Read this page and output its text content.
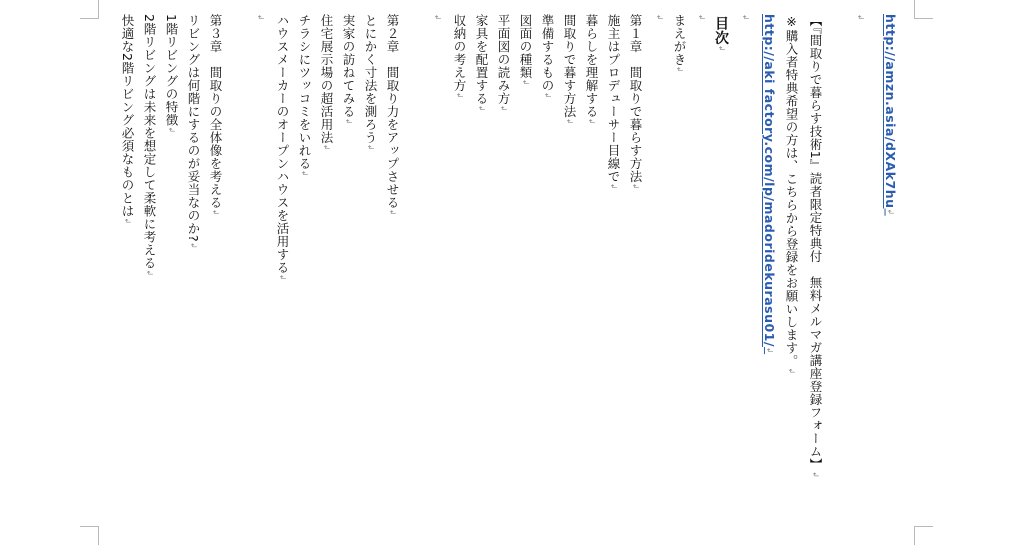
http://amzn.asia/dXAk7hu↲
↲
【『間取りで暮らす技術1』読者限定特典付　無料メルマガ講座登録フォーム】↲
※購入者特典希望の方は、こちらから登録をお願いします。↲
http://aki factory.com/lp/madoridekurasu01/↲
↲
目次↲
↲
まえがき↲
↲
第１章　間取りで暮らす方法↲
施主はプロデューサー目線で↲
暮らしを理解する↲
間取りで暮す方法↲
準備するもの↲
図面の種類↲
平面図の読み方↲
家具を配置する↲
収納の考え方↲
↲
第２章　間取り力をアップさせる↲
とにかく寸法を測ろう↲
実家の訪ねてみる↲
住宅展示場の超活用法↲
チラシにツッコミをいれる↲
ハウスメーカーのオープンハウスを活用する↲
↲
第３章　間取りの全体像を考える↲
リビングは何階にするのが妥当なのか?↲
1階リビングの特徴↲
2階リビングは未来を想定して柔軟に考える↲
快適な2階リビング必須なものとは↲
